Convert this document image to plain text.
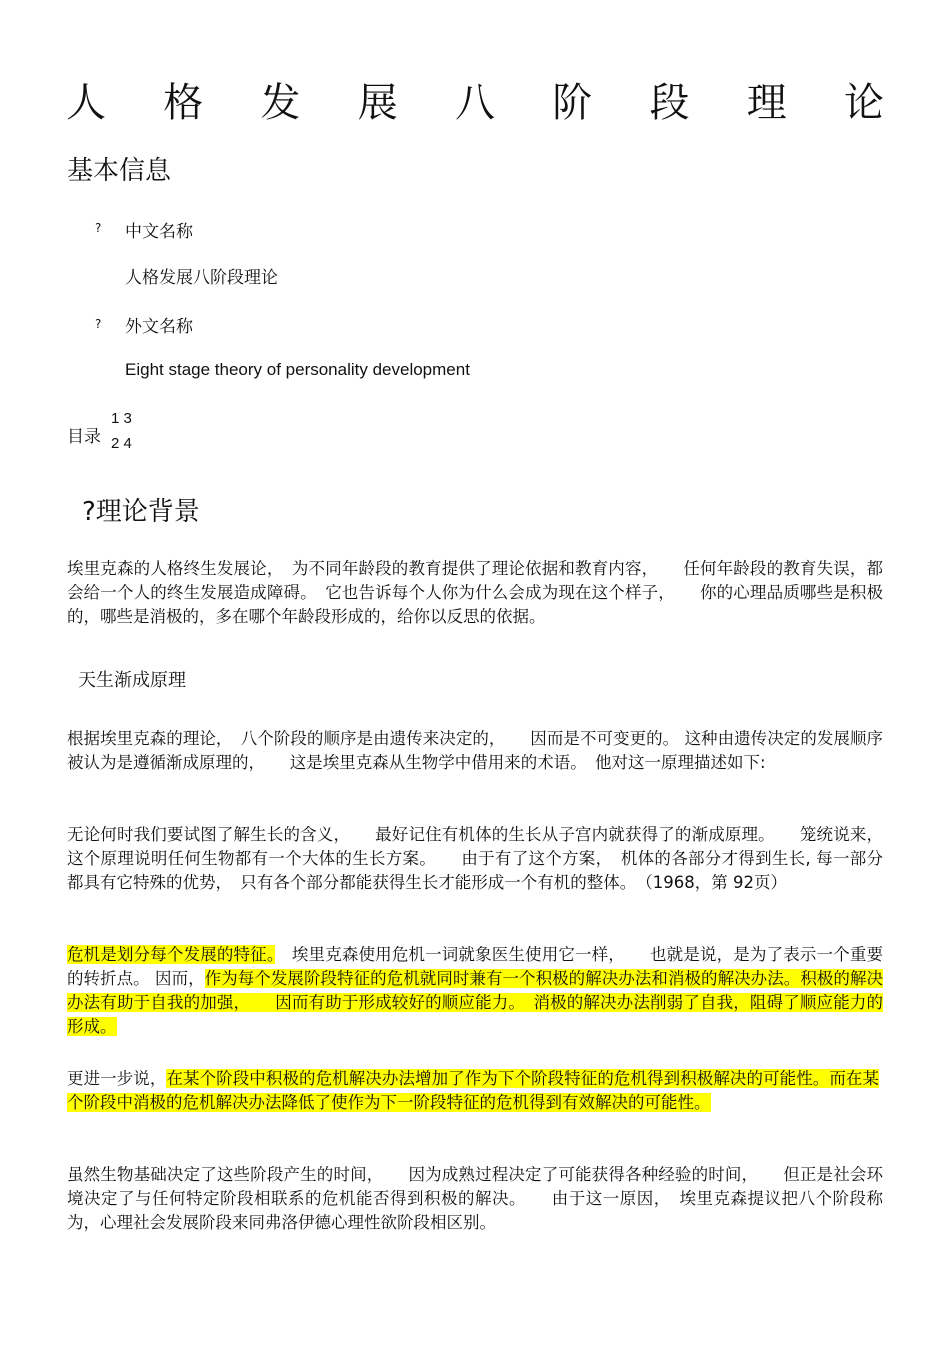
人 格 发 展 八 阶 段 理 论
基本信息
? 中文名称
人格发展八阶段理论
? 外文名称
Eight stage theory of personality development
目录
1 3
2 4
?理论背景

埃里克森的人格终生发展论，　为不同年龄段的教育提供了理论依据和教育内容，　　任何年龄段的教育失误，都会给一个人的终生发展造成障碍。　它也告诉每个人你为什么会成为现在这个样子，　　你的心理品质哪些是积极的，哪些是消极的，多在哪个年龄段形成的，给你以反思的依据。

天生渐成原理

根据埃里克森的理论，　八个阶段的顺序是由遗传来决定的，　　因而是不可变更的。 这种由遗传决定的发展顺序被认为是遵循渐成原理的，　　这是埃里克森从生物学中借用来的术语。　他对这一原理描述如下:

无论何时我们要试图了解生长的含义，　　最好记住有机体的生长从子宫内就获得了的渐成原理。　　笼统说来，这个原理说明任何生物都有一个大体的生长方案。　　由于有了这个方案，　机体的各部分才得到生长, 每一部分都具有它特殊的优势，　只有各个部分都能获得生长才能形成一个有机的整体。　（1968，第 92页）

危机是划分每个发展的特征。　埃里克森使用危机一词就象医生使用它一样，　　也就是说，是为了表示一个重要的转折点。 因而，作为每个发展阶段特征的危机就同时兼有一个积极的解决办法和消极的解决办法。积极的解决办法有助于自我的加强，　　因而有助于形成较好的顺应能力。　消极的解决办法削弱了自我，阻碍了顺应能力的形成。

更进一步说，在某个阶段中积极的危机解决办法增加了作为下个阶段特征的危机得到积极解决的可能性。而在某个阶段中消极的危机解决办法降低了使作为下一阶段特征的危机得到有效解决的可能性。

虽然生物基础决定了这些阶段产生的时间，　　因为成熟过程决定了可能获得各种经验的时间，　　但正是社会环境决定了与任何特定阶段相联系的危机能否得到积极的解决。　　由于这一原因，　埃里克森提议把八个阶段称为，心理社会发展阶段来同弗洛伊德心理性欲阶段相区别。
